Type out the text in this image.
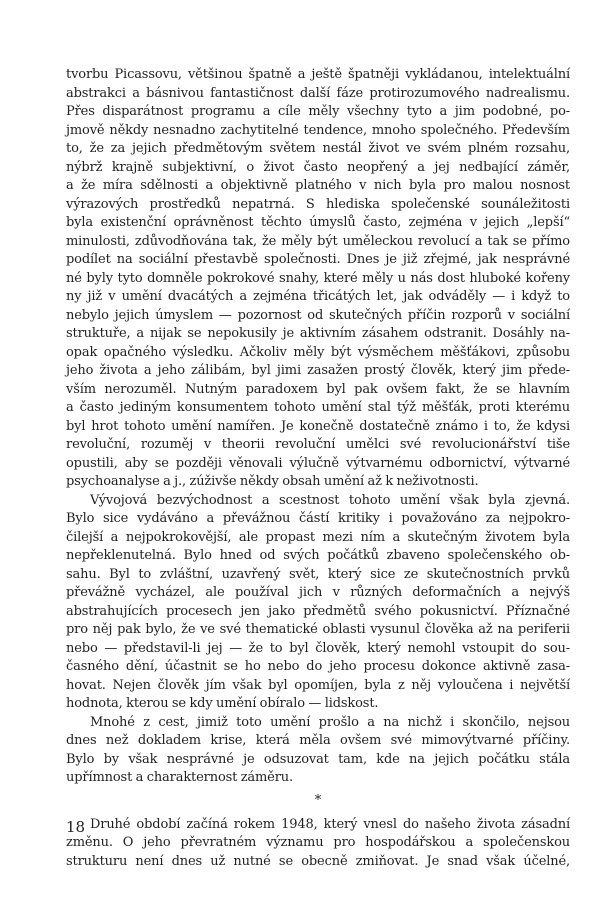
tvorbu Picassovu, většinou špatně a ještě špatněji vykládanou, intelektuální
abstrakci a básnivou fantastičnost další fáze protirozumového nadrealismu.
Přes disparátnost programu a cíle měly všechny tyto a jim podobné, po-
jmově někdy nesnadno zachytitelné tendence, mnoho společného. Především
to, že za jejich předmětovým světem nestál život ve svém plném rozsahu,
nýbrž krajně subjektivní, o život často neopřený a jej nedbající záměr,
a že míra sdělnosti a objektivně platného v nich byla pro malou nosnost
výrazových prostředků nepatrná. S hlediska společenské sounáležitosti
byla existenční oprávněnost těchto úmyslů často, zejména v jejich „lepší“
minulosti, zdůvodňována tak, že měly být uměleckou revolucí a tak se přímo
podílet na sociální přestavbě společnosti. Dnes je již zřejmé, jak nesprávné
né byly tyto domněle pokrokové snahy, které měly u nás dost hluboké kořeny
ny již v umění dvacátých a zejména třicátých let, jak odváděly — i když to
nebylo jejich úmyslem — pozornost od skutečných příčin rozporů v sociální
struktuře, a nijak se nepokusily je aktivním zásahem odstranit. Dosáhly na-
opak opačného výsledku. Ačkoliv měly být výsměchem měšťákovi, způsobu
jeho života a jeho zálibám, byl jimi zasažen prostý člověk, který jim přede-
vším nerozuměl. Nutným paradoxem byl pak ovšem fakt, že se hlavním
a často jediným konsumentem tohoto umění stal týž měšťák, proti kterému
byl hrot tohoto umění namířen. Je konečně dostatečně známo i to, že kdysi
revoluční, rozuměj v theorii revoluční umělci své revolucionářství tiše
opustili, aby se později věnovali výlučně výtvarnému odbornictví, výtvarné
psychoanalyse a j., zúživše někdy obsah umění až k neživotnosti.
Vývojová bezvýchodnost a scestnost tohoto umění však byla zjevná.
Bylo sice vydáváno a převážnou částí kritiky i považováno za nejpokro-
čilejší a nejpokrokovější, ale propast mezi ním a skutečným životem byla
nepřeklenutelná. Bylo hned od svých počátků zbaveno společenského ob-
sahu. Byl to zvláštní, uzavřený svět, který sice ze skutečnostních prvků
převážně vycházel, ale používal jich v různých deformačních a nejvýš
abstrahujících procesech jen jako předmětů svého pokusnictví. Příznačné
pro něj pak bylo, že ve své thematické oblasti vysunul člověka až na periferii
nebo — představil-li jej — že to byl člověk, který nemohl vstoupit do sou-
časného dění, účastnit se ho nebo do jeho procesu dokonce aktivně zasa-
hovat. Nejen člověk jím však byl opomíjen, byla z něj vyloučena i největší
hodnota, kterou se kdy umění obíralo — lidskost.
Mnohé z cest, jimiž toto umění prošlo a na nichž i skončilo, nejsou
dnes než dokladem krise, která měla ovšem své mimovýtvarné příčiny.
Bylo by však nesprávné je odsuzovat tam, kde na jejich počátku stála
upřímnost a charakternost záměru.
*
Druhé období začíná rokem 1948, který vnesl do našeho života zásadní
změnu. O jeho převratném významu pro hospodářskou a společenskou
strukturu není dnes už nutné se obecně zmiňovat. Je snad však účelné,
18
